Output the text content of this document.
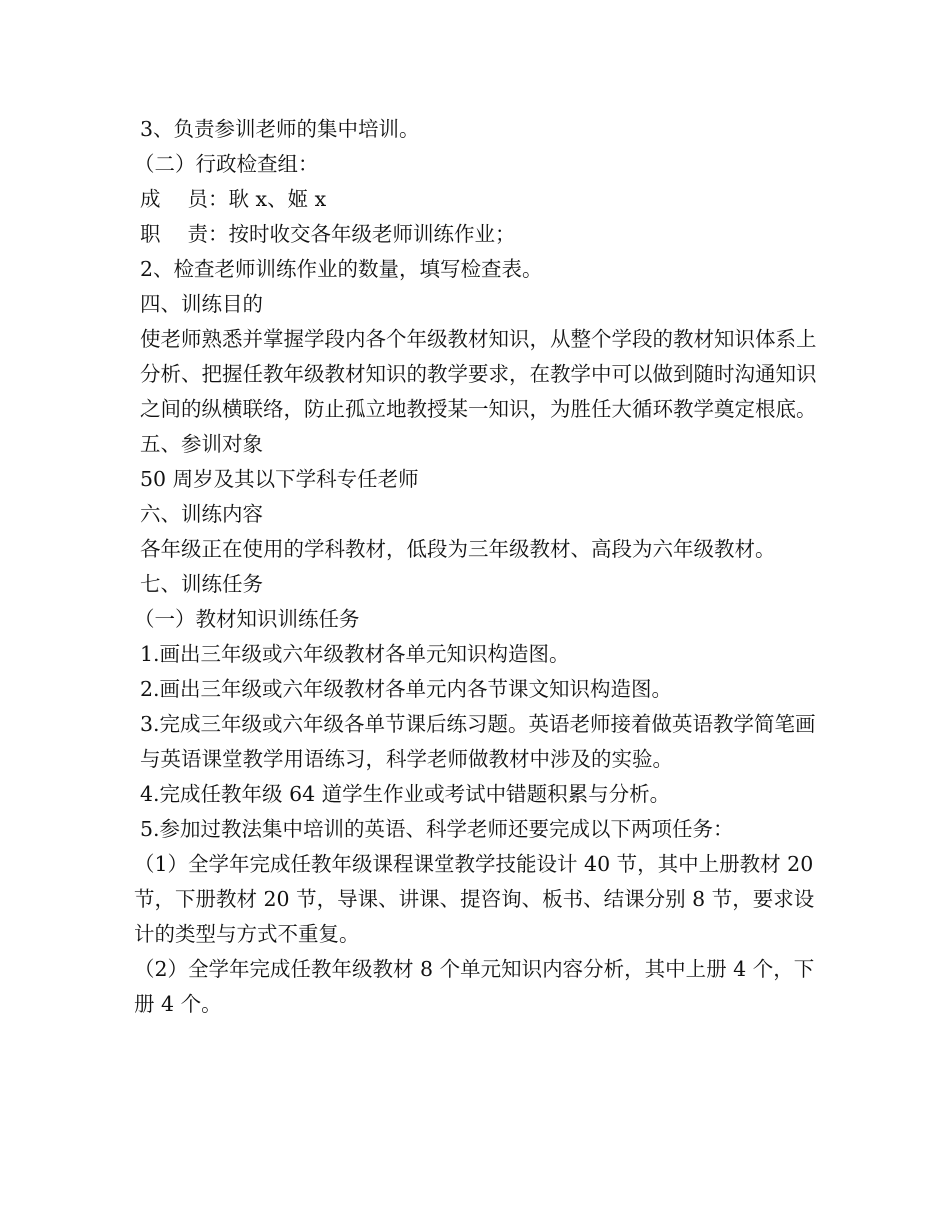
3、负责参训老师的集中培训。

（二）行政检查组：

成　 员：耿 x、姬 x

职　 责：按时收交各年级老师训练作业；

2、检查老师训练作业的数量，填写检查表。

四、训练目的

使老师熟悉并掌握学段内各个年级教材知识，从整个学段的教材知识体系上分析、把握任教年级教材知识的教学要求，在教学中可以做到随时沟通知识之间的纵横联络，防止孤立地教授某一知识，为胜任大循环教学奠定根底。

五、参训对象

50 周岁及其以下学科专任老师

六、训练内容

各年级正在使用的学科教材，低段为三年级教材、高段为六年级教材。

七、训练任务

（一）教材知识训练任务

1.画出三年级或六年级教材各单元知识构造图。

2.画出三年级或六年级教材各单元内各节课文知识构造图。

3.完成三年级或六年级各单节课后练习题。英语老师接着做英语教学简笔画与英语课堂教学用语练习，科学老师做教材中涉及的实验。

4.完成任教年级 64 道学生作业或考试中错题积累与分析。

5.参加过教法集中培训的英语、科学老师还要完成以下两项任务：

（1）全学年完成任教年级课程课堂教学技能设计 40 节，其中上册教材 20 节，下册教材 20 节，导课、讲课、提咨询、板书、结课分别 8 节，要求设计的类型与方式不重复。

（2）全学年完成任教年级教材 8 个单元知识内容分析，其中上册 4 个，下册 4 个。
